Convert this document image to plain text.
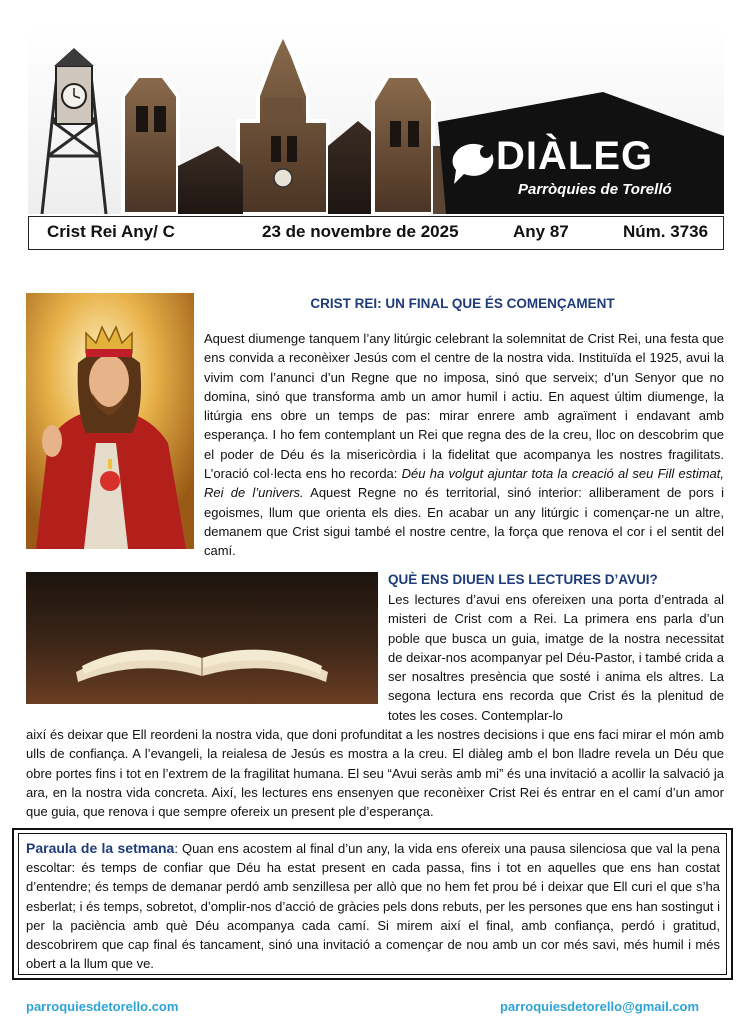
DIÀLEG
Parròquies de Torelló
Crist Rei Any/ C	23 de novembre de 2025	Any 87	Núm. 3736
CRIST REI: UN FINAL QUE ÉS COMENÇAMENT
Aquest diumenge tanquem l’any litúrgic celebrant la solemnitat de Crist Rei, una festa que ens convida a reconèixer Jesús com el centre de la nostra vida. Instituïda el 1925, avui la vivim com l’anunci d’un Regne que no imposa, sinó que serveix; d’un Senyor que no domina, sinó que transforma amb un amor humil i actiu. En aquest últim diumenge, la litúrgia ens obre un temps de pas: mirar enrere amb agraïment i endavant amb esperança. I ho fem contemplant un Rei que regna des de la creu, lloc on descobrim que el poder de Déu és la misericòrdia i la fidelitat que acompanya les nostres fragilitats. L’oració col·lecta ens ho recorda: Déu ha volgut ajuntar tota la creació al seu Fill estimat, Rei de l’univers. Aquest Regne no és territorial, sinó interior: alliberament de pors i egoismes, llum que orienta els dies. En acabar un any litúrgic i començar-ne un altre, demanem que Crist sigui també el nostre centre, la força que renova el cor i el sentit del camí.
QUÈ ENS DIUEN LES LECTURES D’AVUI?
Les lectures d’avui ens ofereixen una porta d’entrada al misteri de Crist com a Rei. La primera ens parla d’un poble que busca un guia, imatge de la nostra necessitat de deixar-nos acompanyar pel Déu-Pastor, i també crida a ser nosaltres presència que sosté i anima els altres. La segona lectura ens recorda que Crist és la plenitud de totes les coses. Contemplar-lo
així és deixar que Ell reordeni la nostra vida, que doni profunditat a les nostres decisions i que ens faci mirar el món amb ulls de confiança. A l’evangeli, la reialesa de Jesús es mostra a la creu. El diàleg amb el bon lladre revela un Déu que obre portes fins i tot en l’extrem de la fragilitat humana. El seu “Avui seràs amb mi” és una invitació a acollir la salvació ja ara, en la nostra vida concreta. Així, les lectures ens ensenyen que reconèixer Crist Rei és entrar en el camí d’un amor que guia, que renova i que sempre ofereix un present ple d’esperança.
Paraula de la setmana: Quan ens acostem al final d’un any, la vida ens ofereix una pausa silenciosa que val la pena escoltar: és temps de confiar que Déu ha estat present en cada passa, fins i tot en aquelles que ens han costat d’entendre; és temps de demanar perdó amb senzillesa per allò que no hem fet prou bé i deixar que Ell curi el que s’ha esberlat; i és temps, sobretot, d’omplir-nos d’acció de gràcies pels dons rebuts, per les persones que ens han sostingut i per la paciència amb què Déu acompanya cada camí. Si mirem així el final, amb confiança, perdó i gratitud, descobrirem que cap final és tancament, sinó una invitació a començar de nou amb un cor més savi, més humil i més obert a la llum que ve.
parroquiesdetorello.com	parroquiesdetorello@gmail.com
